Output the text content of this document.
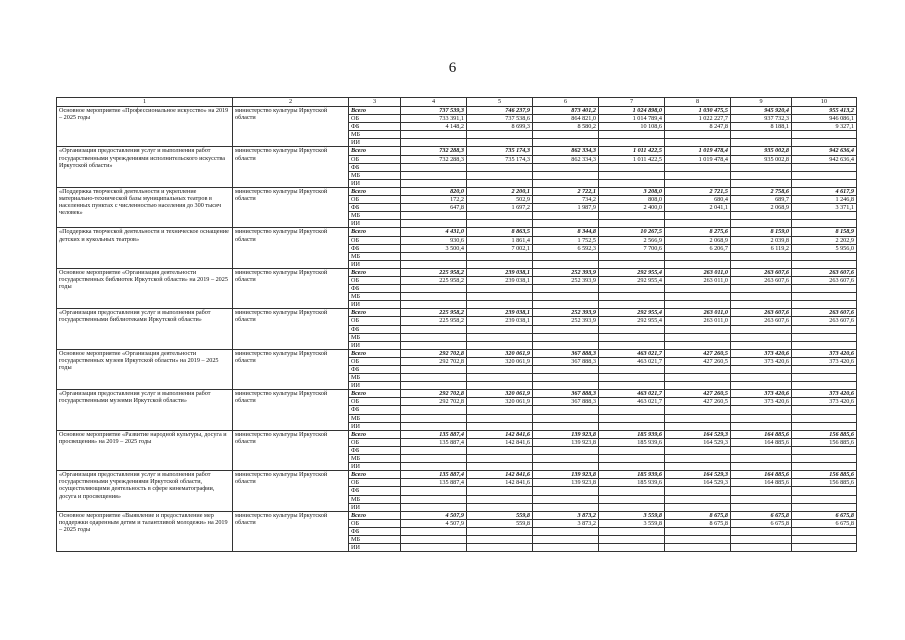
6
1	2	3	4	5	6	7	8	9	10
Основное мероприятие «Профессиональное искусство» на 2019 – 2025 годы	министерство культуры Иркутской области	Всего	737 539,3	746 237,9	873 401,2	1 024 898,0	1 030 475,5	945 920,4	955 413,2
		ОБ	733 391,1	737 538,6	864 821,0	1 014 789,4	1 022 227,7	937 732,3	946 086,1
		ФБ	4 148,2	8 699,3	8 580,2	10 108,6	8 247,8	8 188,1	9 327,1
		МБ							
		ИИ							
«Организация предоставления услуг и выполнения работ государственными учреждениями исполнительского искусства Иркутской области»	министерство культуры Иркутской области	Всего	732 288,3	735 174,3	862 334,3	1 011 422,5	1 019 478,4	935 002,8	942 636,4
		ОБ	732 288,3	735 174,3	862 334,3	1 011 422,5	1 019 478,4	935 002,8	942 636,4
		ФБ							
		МБ							
		ИИ							
«Поддержка творческой деятельности и укрепление материально-технической базы муниципальных театров в населенных пунктах с численностью населения до 300 тысяч человек»	министерство культуры Иркутской области	Всего	820,0	2 200,1	2 722,1	3 208,0	2 721,5	2 758,6	4 617,9
		ОБ	172,2	502,9	734,2	808,0	680,4	689,7	1 246,8
		ФБ	647,8	1 697,2	1 987,9	2 400,0	2 041,1	2 068,9	3 371,1
		МБ							
		ИИ							
«Поддержка творческой деятельности и техническое оснащение детских и кукольных театров»	министерство культуры Иркутской области	Всего	4 431,0	8 863,5	8 344,8	10 267,5	8 275,6	8 159,0	8 158,9
		ОБ	930,6	1 861,4	1 752,5	2 566,9	2 068,9	2 039,8	2 202,9
		ФБ	3 500,4	7 002,1	6 592,3	7 700,6	6 206,7	6 119,2	5 956,0
		МБ							
		ИИ							
Основное мероприятие «Организация деятельности государственных библиотек Иркутской области» на 2019 – 2025 годы	министерство культуры Иркутской области	Всего	225 958,2	239 038,1	252 393,9	292 955,4	263 011,0	263 607,6	263 607,6
		ОБ	225 958,2	239 038,1	252 393,9	292 955,4	263 011,0	263 607,6	263 607,6
		ФБ							
		МБ							
		ИИ							
«Организация предоставления услуг и выполнения работ государственными библиотеками Иркутской области»	министерство культуры Иркутской области	Всего	225 958,2	239 038,1	252 393,9	292 955,4	263 011,0	263 607,6	263 607,6
		ОБ	225 958,2	239 038,1	252 393,9	292 955,4	263 011,0	263 607,6	263 607,6
		ФБ							
		МБ							
		ИИ							
Основное мероприятие «Организация деятельности государственных музеев Иркутской области» на 2019 – 2025 годы	министерство культуры Иркутской области	Всего	292 702,8	320 061,9	367 888,3	463 021,7	427 260,5	373 420,6	373 420,6
		ОБ	292 702,8	320 061,9	367 888,3	463 021,7	427 260,5	373 420,6	373 420,6
		ФБ							
		МБ							
		ИИ							
«Организация предоставления услуг и выполнения работ государственными музеями Иркутской области»	министерство культуры Иркутской области	Всего	292 702,8	320 061,9	367 888,3	463 021,7	427 260,5	373 420,6	373 420,6
		ОБ	292 702,8	320 061,9	367 888,3	463 021,7	427 260,5	373 420,6	373 420,6
		ФБ							
		МБ							
		ИИ							
Основное мероприятие «Развитие народной культуры, досуга и просвещения» на 2019 – 2025 годы	министерство культуры Иркутской области	Всего	135 887,4	142 841,6	139 923,8	185 939,6	164 529,3	164 885,6	156 885,6
		ОБ	135 887,4	142 841,6	139 923,8	185 939,6	164 529,3	164 885,6	156 885,6
		ФБ							
		МБ							
		ИИ							
«Организация предоставления услуг и выполнения работ государственными учреждениями Иркутской области, осуществляющими деятельность в сфере кинематографии, досуга и просвещения»	министерство культуры Иркутской области	Всего	135 887,4	142 841,6	139 923,8	185 939,6	164 529,3	164 885,6	156 885,6
		ОБ	135 887,4	142 841,6	139 923,8	185 939,6	164 529,3	164 885,6	156 885,6
		ФБ							
		МБ							
		ИИ							
Основное мероприятие «Выявление и предоставление мер поддержки одаренным детям и талантливой молодежи» на 2019 – 2025 годы	министерство культуры Иркутской области	Всего	4 507,9	559,8	3 873,2	3 559,8	8 675,8	6 675,8	6 675,8
		ОБ	4 507,9	559,8	3 873,2	3 559,8	8 675,8	6 675,8	6 675,8
		ФБ							
		МБ							
		ИИ							
